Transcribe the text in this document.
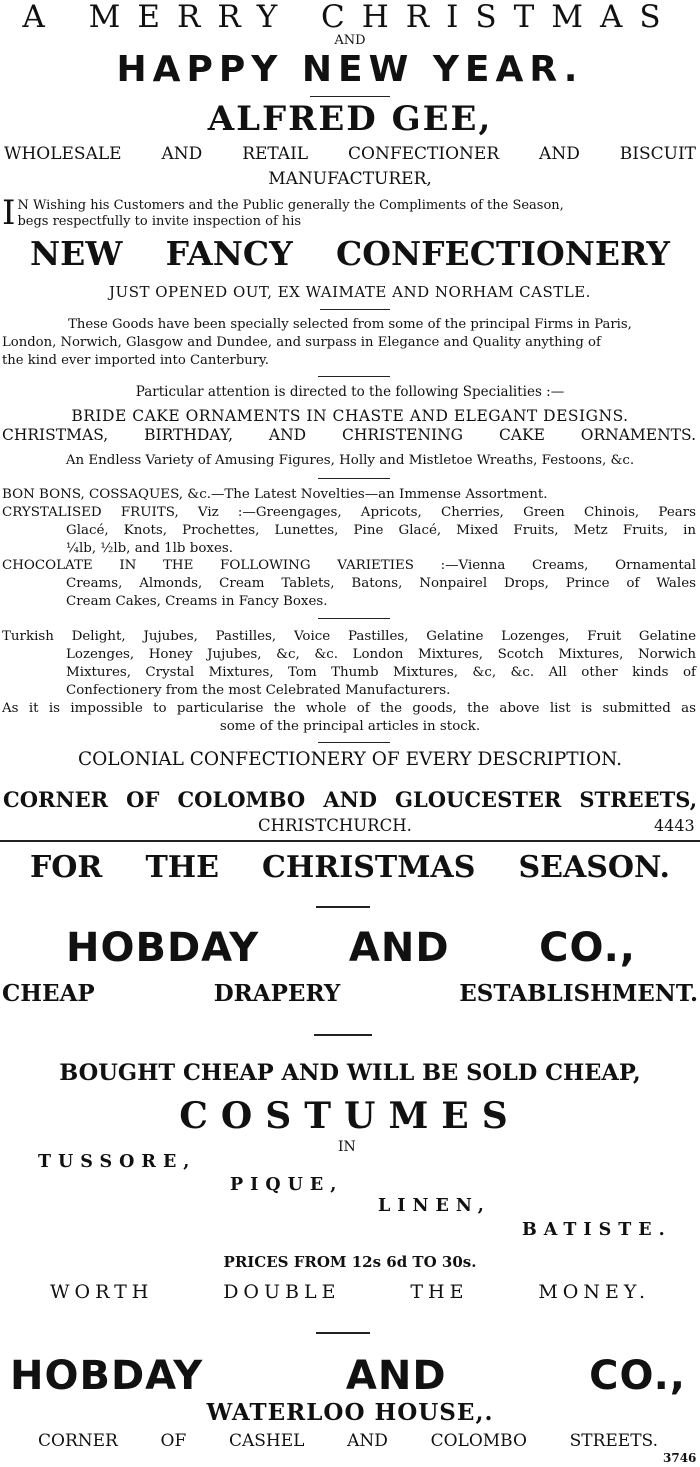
A MERRY CHRISTMAS
AND
HAPPY NEW YEAR.
ALFRED GEE,
WHOLESALE AND RETAIL CONFECTIONER AND BISCUIT
MANUFACTURER,
I N Wishing his Customers and the Public generally the Compliments of the Season,
begs respectfully to invite inspection of his
NEW FANCY CONFECTIONERY
JUST OPENED OUT, EX WAIMATE AND NORHAM CASTLE.
These Goods have been specially selected from some of the principal Firms in Paris,
London, Norwich, Glasgow and Dundee, and surpass in Elegance and Quality anything of
the kind ever imported into Canterbury.
Particular attention is directed to the following Specialities :—
BRIDE CAKE ORNAMENTS IN CHASTE AND ELEGANT DESIGNS.
CHRISTMAS, BIRTHDAY, AND CHRISTENING CAKE ORNAMENTS.
An Endless Variety of Amusing Figures, Holly and Mistletoe Wreaths, Festoons, &c.
BON BONS, COSSAQUES, &c.—The Latest Novelties—an Immense Assortment.
CRYSTALISED FRUITS, Viz :—Greengages, Apricots, Cherries, Green Chinois, Pears
Glacé, Knots, Prochettes, Lunettes, Pine Glacé, Mixed Fruits, Metz Fruits, in
¼lb, ½lb, and 1lb boxes.
CHOCOLATE IN THE FOLLOWING VARIETIES :—Vienna Creams, Ornamental
Creams, Almonds, Cream Tablets, Batons, Nonpairel Drops, Prince of Wales
Cream Cakes, Creams in Fancy Boxes.
Turkish Delight, Jujubes, Pastilles, Voice Pastilles, Gelatine Lozenges, Fruit Gelatine
Lozenges, Honey Jujubes, &c, &c. London Mixtures, Scotch Mixtures, Norwich
Mixtures, Crystal Mixtures, Tom Thumb Mixtures, &c, &c. All other kinds of
Confectionery from the most Celebrated Manufacturers.
As it is impossible to particularise the whole of the goods, the above list is submitted as
some of the principal articles in stock.
COLONIAL CONFECTIONERY OF EVERY DESCRIPTION.
CORNER OF COLOMBO AND GLOUCESTER STREETS,
CHRISTCHURCH.	4443
FOR THE CHRISTMAS SEASON.
HOBDAY AND CO.,
CHEAP DRAPERY ESTABLISHMENT.
BOUGHT CHEAP AND WILL BE SOLD CHEAP,
COSTUMES
IN
TUSSORE,
PIQUE,
LINEN,
BATISTE.
PRICES FROM 12s 6d TO 30s.
WORTH DOUBLE THE MONEY.
HOBDAY AND CO.,
WATERLOO HOUSE,.
CORNER OF CASHEL AND COLOMBO STREETS.
3746
